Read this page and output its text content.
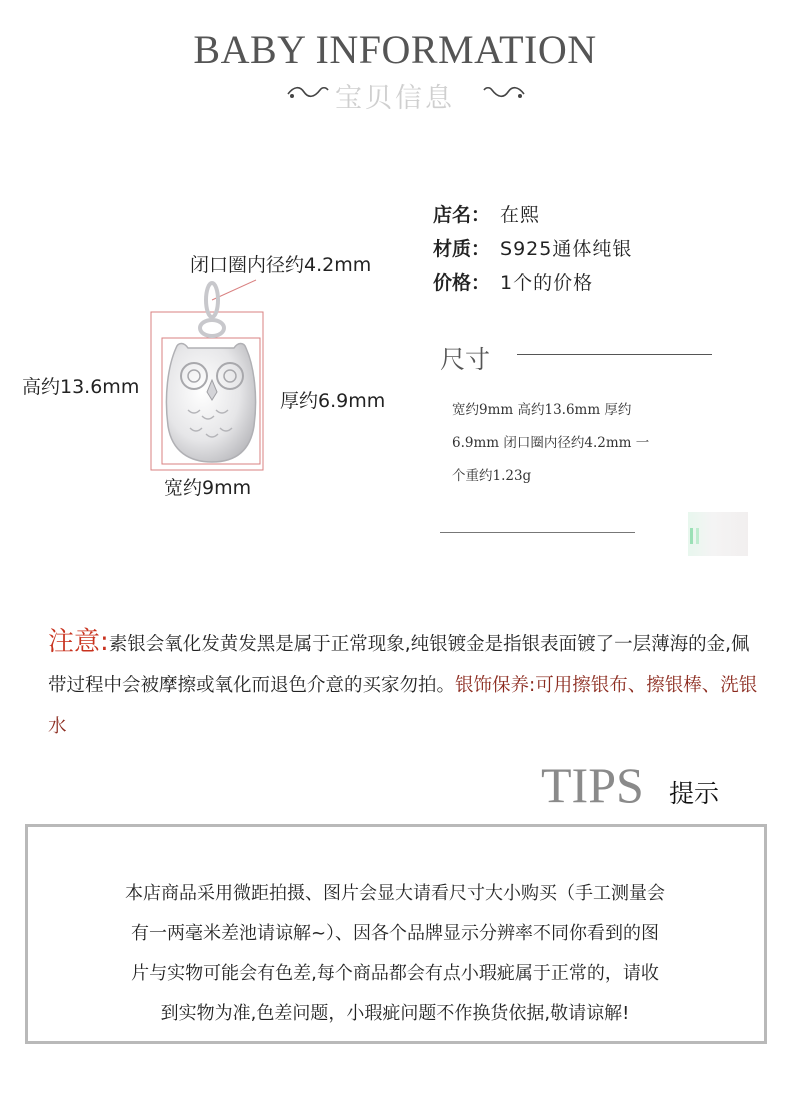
BABY INFORMATION
宝贝信息
闭口圈内径约4.2mm
高约13.6mm
厚约6.9mm
宽约9mm
店名： 在熙
材质： S925通体纯银
价格： 1个的价格
尺寸
宽约9mm 高约13.6mm 厚约
6.9mm 闭口圈内径约4.2mm 一
个重约1.23g
注意:素银会氧化发黄发黑是属于正常现象,纯银镀金是指银表面镀了一层薄海的金,佩带过程中会被摩擦或氧化而退色介意的买家勿拍。银饰保养:可用擦银布、擦银棒、洗银水
TIPS 提示
本店商品采用微距拍摄、图片会显大请看尺寸大小购买（手工测量会
有一两毫米差池请谅解~）、因各个品牌显示分辨率不同你看到的图
片与实物可能会有色差,每个商品都会有点小瑕疵属于正常的，请收
到实物为准,色差问题，小瑕疵问题不作换货依据,敬请谅解!
